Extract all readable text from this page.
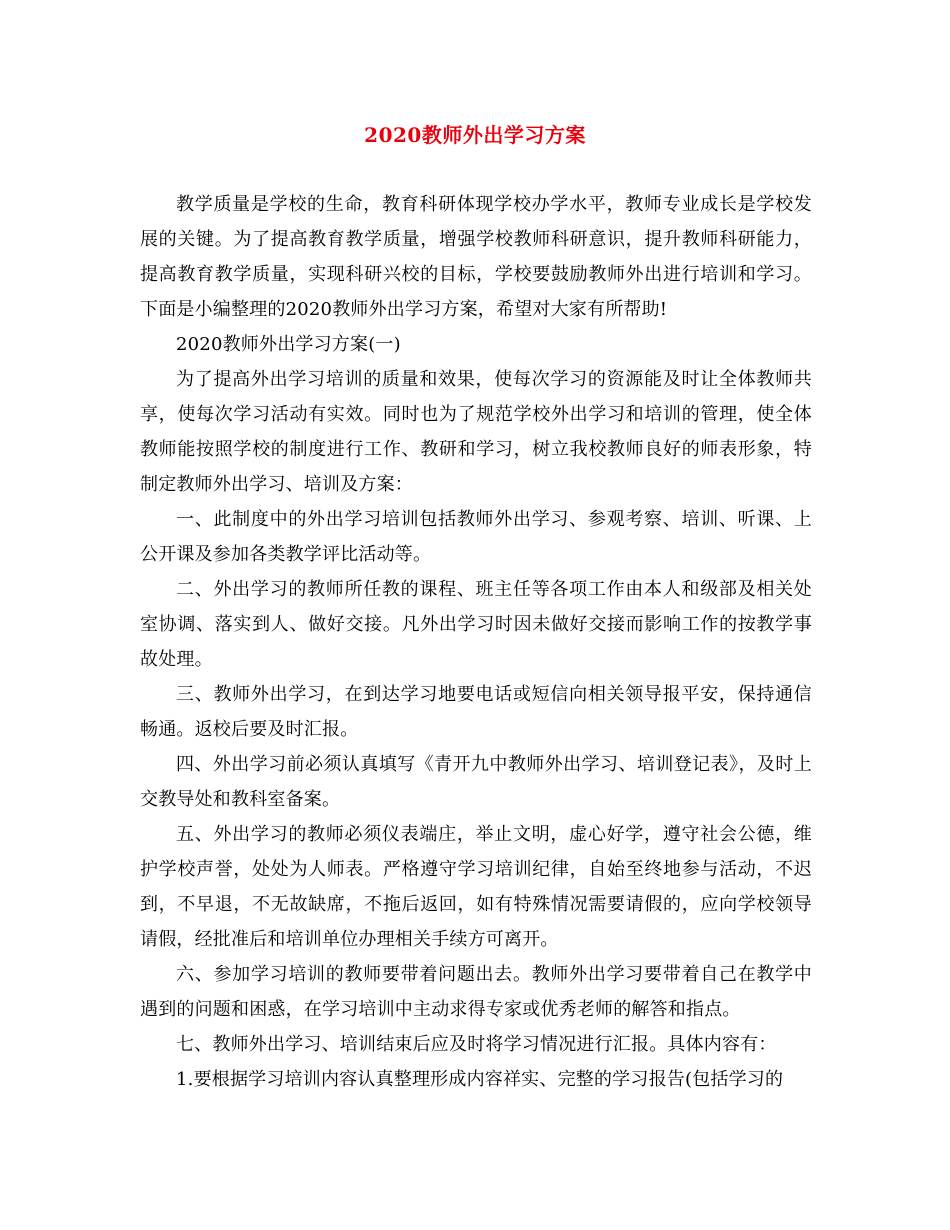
2020教师外出学习方案

教学质量是学校的生命，教育科研体现学校办学水平，教师专业成长是学校发展的关键。为了提高教育教学质量，增强学校教师科研意识，提升教师科研能力，提高教育教学质量，实现科研兴校的目标，学校要鼓励教师外出进行培训和学习。下面是小编整理的2020教师外出学习方案，希望对大家有所帮助!

2020教师外出学习方案(一)

为了提高外出学习培训的质量和效果，使每次学习的资源能及时让全体教师共享，使每次学习活动有实效。同时也为了规范学校外出学习和培训的管理，使全体教师能按照学校的制度进行工作、教研和学习，树立我校教师良好的师表形象，特制定教师外出学习、培训及方案：

一、此制度中的外出学习培训包括教师外出学习、参观考察、培训、听课、上公开课及参加各类教学评比活动等。

二、外出学习的教师所任教的课程、班主任等各项工作由本人和级部及相关处室协调、落实到人、做好交接。凡外出学习时因未做好交接而影响工作的按教学事故处理。

三、教师外出学习，在到达学习地要电话或短信向相关领导报平安，保持通信畅通。返校后要及时汇报。

四、外出学习前必须认真填写《青开九中教师外出学习、培训登记表》，及时上交教导处和教科室备案。

五、外出学习的教师必须仪表端庄，举止文明，虚心好学，遵守社会公德，维护学校声誉，处处为人师表。严格遵守学习培训纪律，自始至终地参与活动，不迟到，不早退，不无故缺席，不拖后返回，如有特殊情况需要请假的，应向学校领导请假，经批准后和培训单位办理相关手续方可离开。

六、参加学习培训的教师要带着问题出去。教师外出学习要带着自己在教学中遇到的问题和困惑，在学习培训中主动求得专家或优秀老师的解答和指点。

七、教师外出学习、培训结束后应及时将学习情况进行汇报。具体内容有：

1.要根据学习培训内容认真整理形成内容祥实、完整的学习报告(包括学习的
